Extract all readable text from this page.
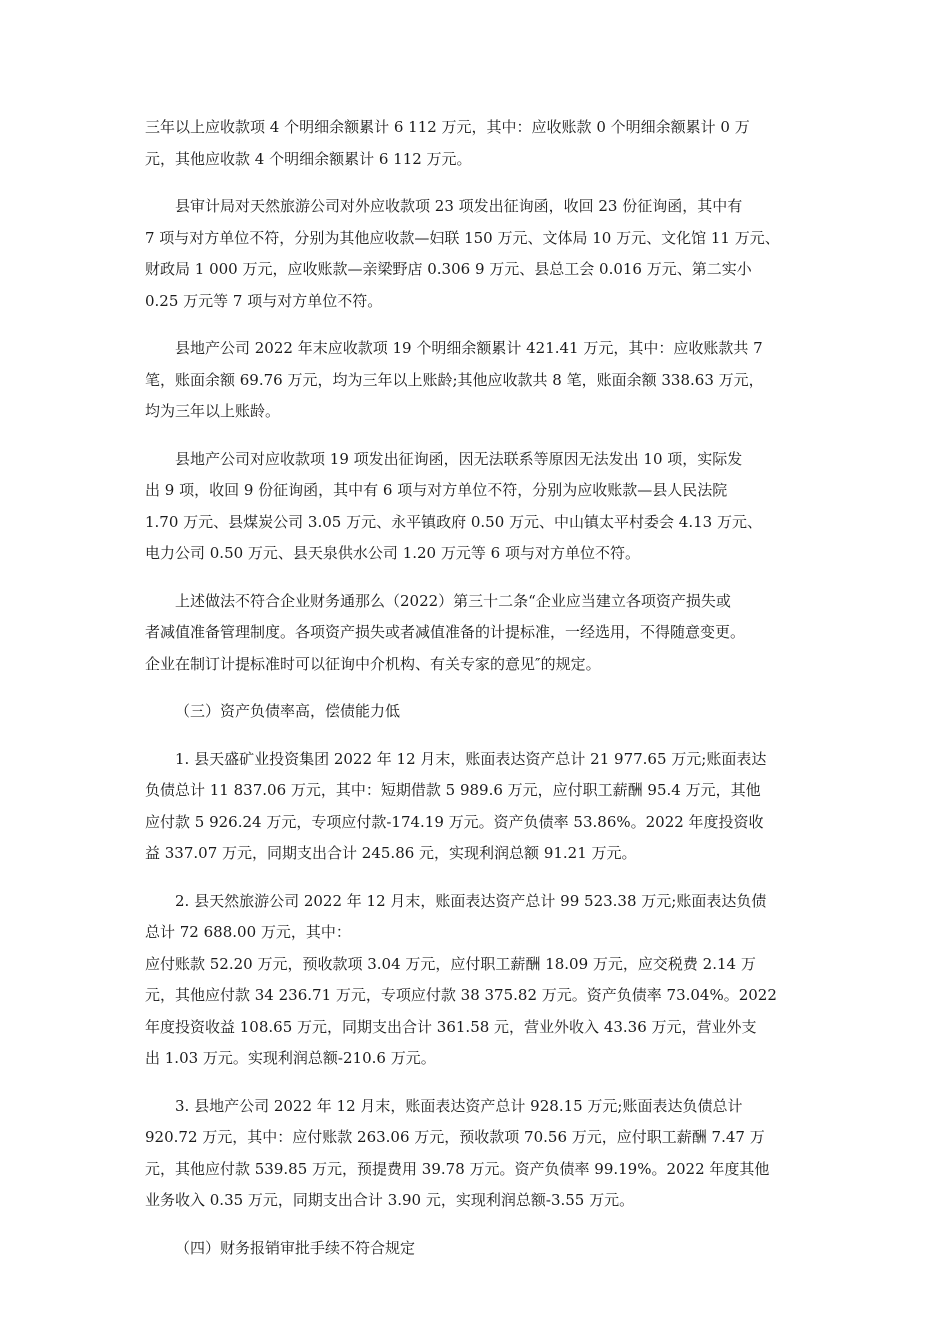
三年以上应收款项 4 个明细余额累计 6 112 万元，其中：应收账款 0 个明细余额累计 0 万
元，其他应收款 4 个明细余额累计 6 112 万元。
县审计局对天然旅游公司对外应收款项 23 项发出征询函，收回 23 份征询函，其中有
7 项与对方单位不符，分别为其他应收款—妇联 150 万元、文体局 10 万元、文化馆 11 万元、
财政局 1 000 万元，应收账款—亲梁野店 0.306 9 万元、县总工会 0.016 万元、第二实小
0.25 万元等 7 项与对方单位不符。
县地产公司 2022 年末应收款项 19 个明细余额累计 421.41 万元，其中：应收账款共 7
笔，账面余额 69.76 万元，均为三年以上账龄;其他应收款共 8 笔，账面余额 338.63 万元，
均为三年以上账龄。
县地产公司对应收款项 19 项发出征询函，因无法联系等原因无法发出 10 项，实际发
出 9 项，收回 9 份征询函，其中有 6 项与对方单位不符，分别为应收账款—县人民法院
1.70 万元、县煤炭公司 3.05 万元、永平镇政府 0.50 万元、中山镇太平村委会 4.13 万元、
电力公司 0.50 万元、县天泉供水公司 1.20 万元等 6 项与对方单位不符。
上述做法不符合企业财务通那么（2022）第三十二条“企业应当建立各项资产损失或
者减值准备管理制度。各项资产损失或者减值准备的计提标准，一经选用，不得随意变更。
企业在制订计提标准时可以征询中介机构、有关专家的意见″的规定。
（三）资产负债率高，偿债能力低
1. 县天盛矿业投资集团 2022 年 12 月末，账面表达资产总计 21 977.65 万元;账面表达
负债总计 11 837.06 万元，其中：短期借款 5 989.6 万元，应付职工薪酬 95.4 万元，其他
应付款 5 926.24 万元，专项应付款-174.19 万元。资产负债率 53.86%。2022 年度投资收
益 337.07 万元，同期支出合计 245.86 元，实现利润总额 91.21 万元。
2. 县天然旅游公司 2022 年 12 月末，账面表达资产总计 99 523.38 万元;账面表达负债
总计 72 688.00 万元，其中：
应付账款 52.20 万元，预收款项 3.04 万元，应付职工薪酬 18.09 万元，应交税费 2.14 万
元，其他应付款 34 236.71 万元，专项应付款 38 375.82 万元。资产负债率 73.04%。2022
年度投资收益 108.65 万元，同期支出合计 361.58 元，营业外收入 43.36 万元，营业外支
出 1.03 万元。实现利润总额-210.6 万元。
3. 县地产公司 2022 年 12 月末，账面表达资产总计 928.15 万元;账面表达负债总计
920.72 万元，其中：应付账款 263.06 万元，预收款项 70.56 万元，应付职工薪酬 7.47 万
元，其他应付款 539.85 万元，预提费用 39.78 万元。资产负债率 99.19%。2022 年度其他
业务收入 0.35 万元，同期支出合计 3.90 元，实现利润总额-3.55 万元。
（四）财务报销审批手续不符合规定
